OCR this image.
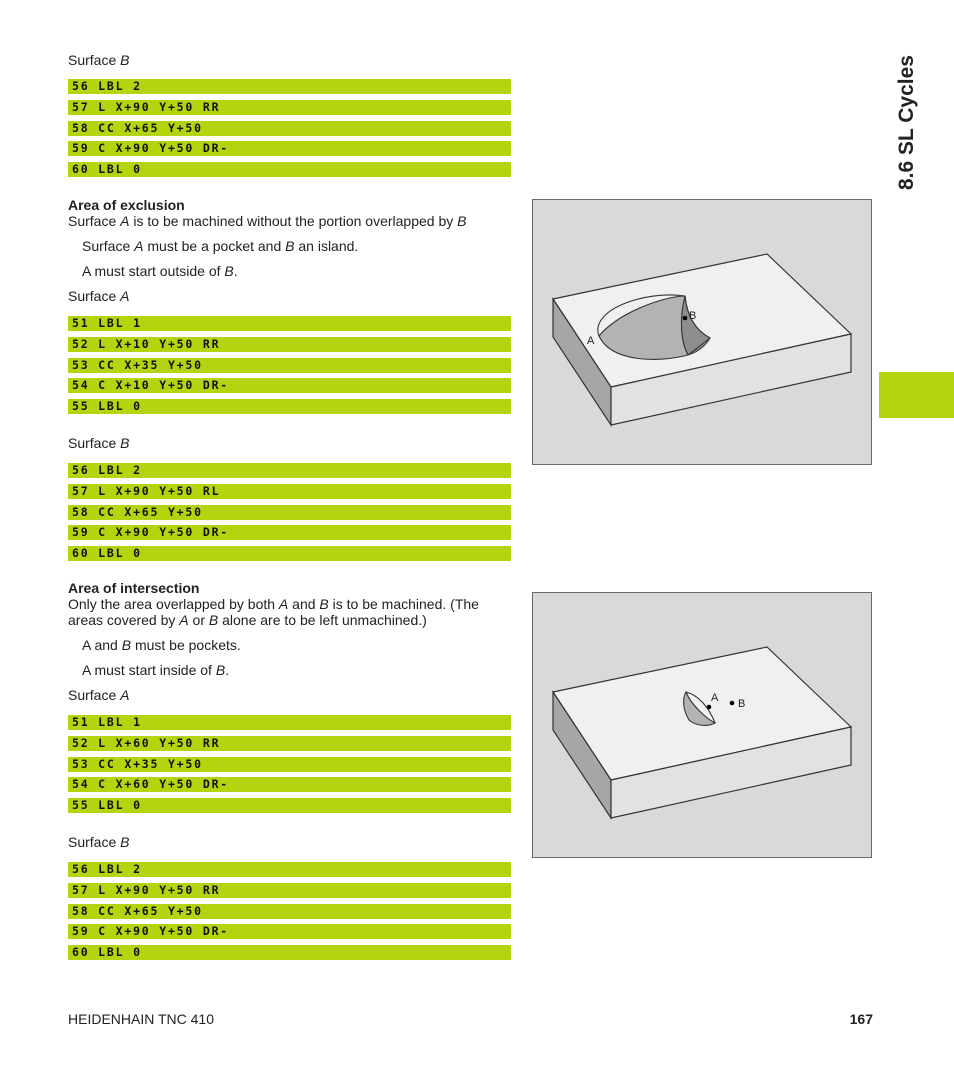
8.6 SL Cycles
Surface B
56 LBL 2
57 L X+90 Y+50 RR
58 CC X+65 Y+50
59 C X+90 Y+50 DR-
60 LBL 0
Area of exclusion
Surface A is to be machined without the portion overlapped by B
Surface A must be a pocket and B an island.
A must start outside of B.
Surface A
51 LBL 1
52 L X+10 Y+50 RR
53 CC X+35 Y+50
54 C X+10 Y+50 DR-
55 LBL 0
Surface B
56 LBL 2
57 L X+90 Y+50 RL
58 CC X+65 Y+50
59 C X+90 Y+50 DR-
60 LBL 0
Area of intersection
Only the area overlapped by both A and B is to be machined. (The
areas covered by A or B alone are to be left unmachined.)
A and B must be pockets.
A must start inside of B.
Surface A
51 LBL 1
52 L X+60 Y+50 RR
53 CC X+35 Y+50
54 C X+60 Y+50 DR-
55 LBL 0
Surface B
56 LBL 2
57 L X+90 Y+50 RR
58 CC X+65 Y+50
59 C X+90 Y+50 DR-
60 LBL 0
B
A
A B
HEIDENHAIN TNC 410	167
